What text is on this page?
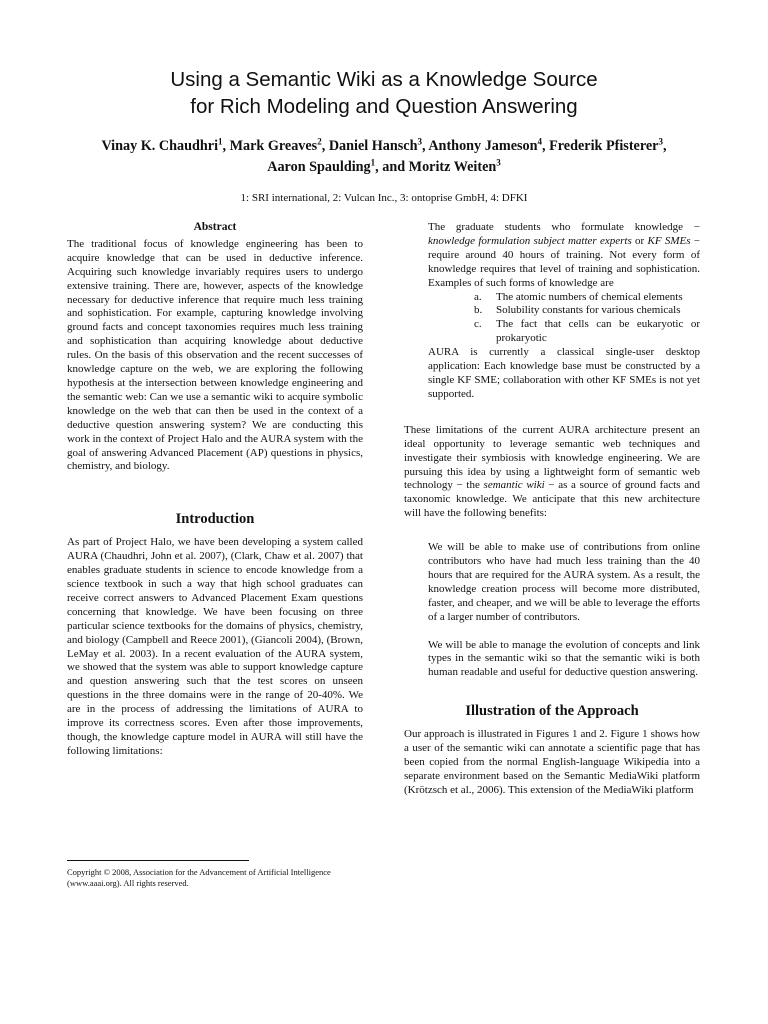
Using a Semantic Wiki as a Knowledge Source
for Rich Modeling and Question Answering
Vinay K. Chaudhri$^1$, Mark Greaves$^2$, Daniel Hansch$^3$, Anthony Jameson$^4$, Frederik Pfisterer$^3$,
Aaron Spaulding$^1$, and Moritz Weiten$^3$
1: SRI international, 2: Vulcan Inc., 3: ontoprise GmbH, 4: DFKI
Abstract

The traditional focus of knowledge engineering has been to acquire knowledge that can be used in deductive inference. Acquiring such knowledge invariably requires users to undergo extensive training. There are, however, aspects of the knowledge necessary for deductive inference that require much less training and sophistication. For example, capturing knowledge involving ground facts and concept taxonomies requires much less training and sophistication than acquiring knowledge about deductive rules. On the basis of this observation and the recent successes of knowledge capture on the web, we are exploring the following hypothesis at the intersection between knowledge engineering and the semantic web: Can we use a semantic wiki to acquire symbolic knowledge on the web that can then be used in the context of a deductive question answering system? We are conducting this work in the context of Project Halo and the AURA system with the goal of answering Advanced Placement (AP) questions in physics, chemistry, and biology.

Introduction

As part of Project Halo, we have been developing a system called AURA (Chaudhri, John et al. 2007), (Clark, Chaw et al. 2007) that enables graduate students in science to encode knowledge from a science textbook in such a way that high school graduates can receive correct answers to Advanced Placement Exam questions concerning that knowledge. We have been focusing on three particular science textbooks for the domains of physics, chemistry, and biology (Campbell and Reece 2001), (Giancoli 2004), (Brown, LeMay et al. 2003). In a recent evaluation of the AURA system, we showed that the system was able to support knowledge capture and question answering such that the test scores on unseen questions in the three domains were in the range of 20-40%. We are in the process of addressing the limitations of AURA to improve its correctness scores. Even after those improvements, though, the knowledge capture model in AURA will still have the following limitations:

Copyright © 2008, Association for the Advancement of Artificial Intelligence (www.aaai.org). All rights reserved.

The graduate students who formulate knowledge − knowledge formulation subject matter experts or KF SMEs − require around 40 hours of training. Not every form of knowledge requires that level of training and sophistication. Examples of such forms of knowledge are

a.	The atomic numbers of chemical elements
b.	Solubility constants for various chemicals
c.	The fact that cells can be eukaryotic or prokaryotic

AURA is currently a classical single-user desktop application: Each knowledge base must be constructed by a single KF SME; collaboration with other KF SMEs is not yet supported.

These limitations of the current AURA architecture present an ideal opportunity to leverage semantic web techniques and investigate their symbiosis with knowledge engineering. We are pursuing this idea by using a lightweight form of semantic web technology − the semantic wiki − as a source of ground facts and taxonomic knowledge. We anticipate that this new architecture will have the following benefits:

We will be able to make use of contributions from online contributors who have had much less training than the 40 hours that are required for the AURA system. As a result, the knowledge creation process will become more distributed, faster, and cheaper, and we will be able to leverage the efforts of a larger number of contributors.

We will be able to manage the evolution of concepts and link types in the semantic wiki so that the semantic wiki is both human readable and useful for deductive question answering.

Illustration of the Approach

Our approach is illustrated in Figures 1 and 2. Figure 1 shows how a user of the semantic wiki can annotate a scientific page that has been copied from the normal English-language Wikipedia into a separate environment based on the Semantic MediaWiki platform (Krötzsch et al., 2006). This extension of the MediaWiki platform
